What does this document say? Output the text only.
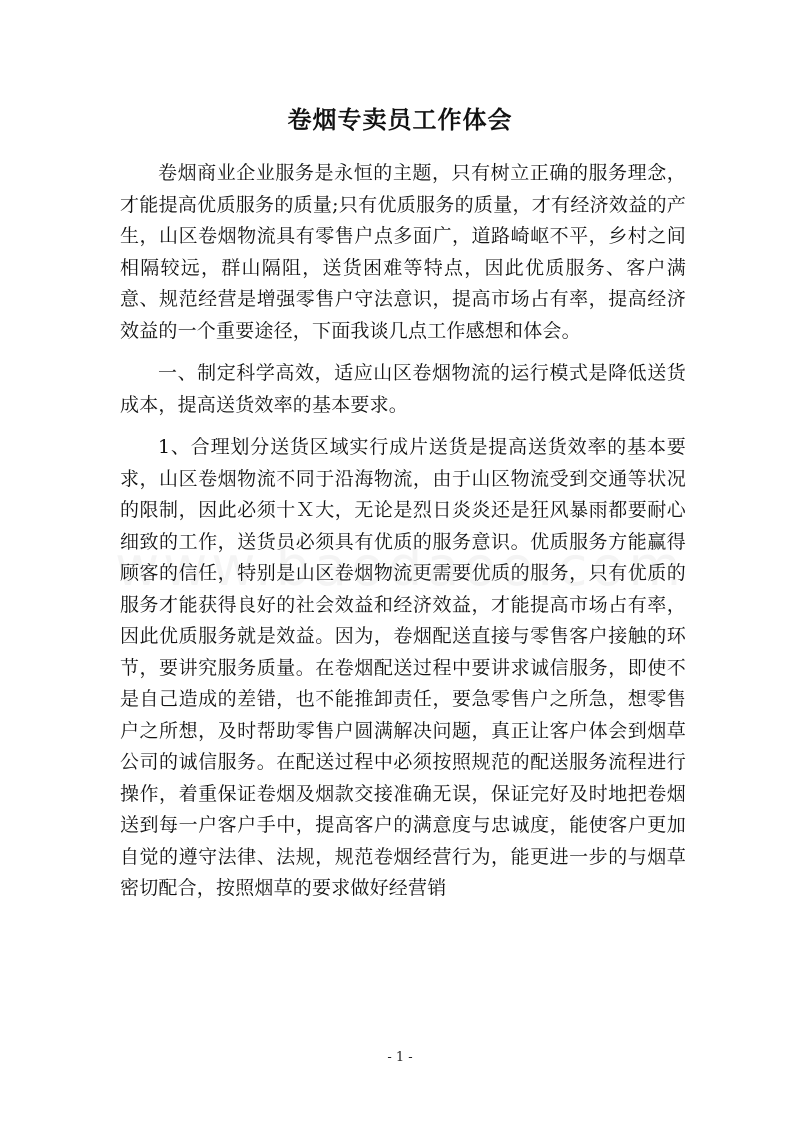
卷烟专卖员工作体会

卷烟商业企业服务是永恒的主题，只有树立正确的服务理念，才能提高优质服务的质量;只有优质服务的质量，才有经济效益的产生，山区卷烟物流具有零售户点多面广，道路崎岖不平，乡村之间相隔较远，群山隔阻，送货困难等特点，因此优质服务、客户满意、规范经营是增强零售户守法意识，提高市场占有率，提高经济效益的一个重要途径，下面我谈几点工作感想和体会。

一、制定科学高效，适应山区卷烟物流的运行模式是降低送货成本，提高送货效率的基本要求。

1、合理划分送货区域实行成片送货是提高送货效率的基本要求，山区卷烟物流不同于沿海物流，由于山区物流受到交通等状况的限制，因此必须十Ｘ大，无论是烈日炎炎还是狂风暴雨都要耐心细致的工作，送货员必须具有优质的服务意识。优质服务方能赢得顾客的信任，特别是山区卷烟物流更需要优质的服务，只有优质的服务才能获得良好的社会效益和经济效益，才能提高市场占有率，因此优质服务就是效益。因为，卷烟配送直接与零售客户接触的环节，要讲究服务质量。在卷烟配送过程中要讲求诚信服务，即使不是自己造成的差错，也不能推卸责任，要急零售户之所急，想零售户之所想，及时帮助零售户圆满解决问题，真正让客户体会到烟草公司的诚信服务。在配送过程中必须按照规范的配送服务流程进行操作，着重保证卷烟及烟款交接准确无误，保证完好及时地把卷烟送到每一户客户手中，提高客户的满意度与忠诚度，能使客户更加自觉的遵守法律、法规，规范卷烟经营行为，能更进一步的与烟草密切配合，按照烟草的要求做好经营销

- 1 -
